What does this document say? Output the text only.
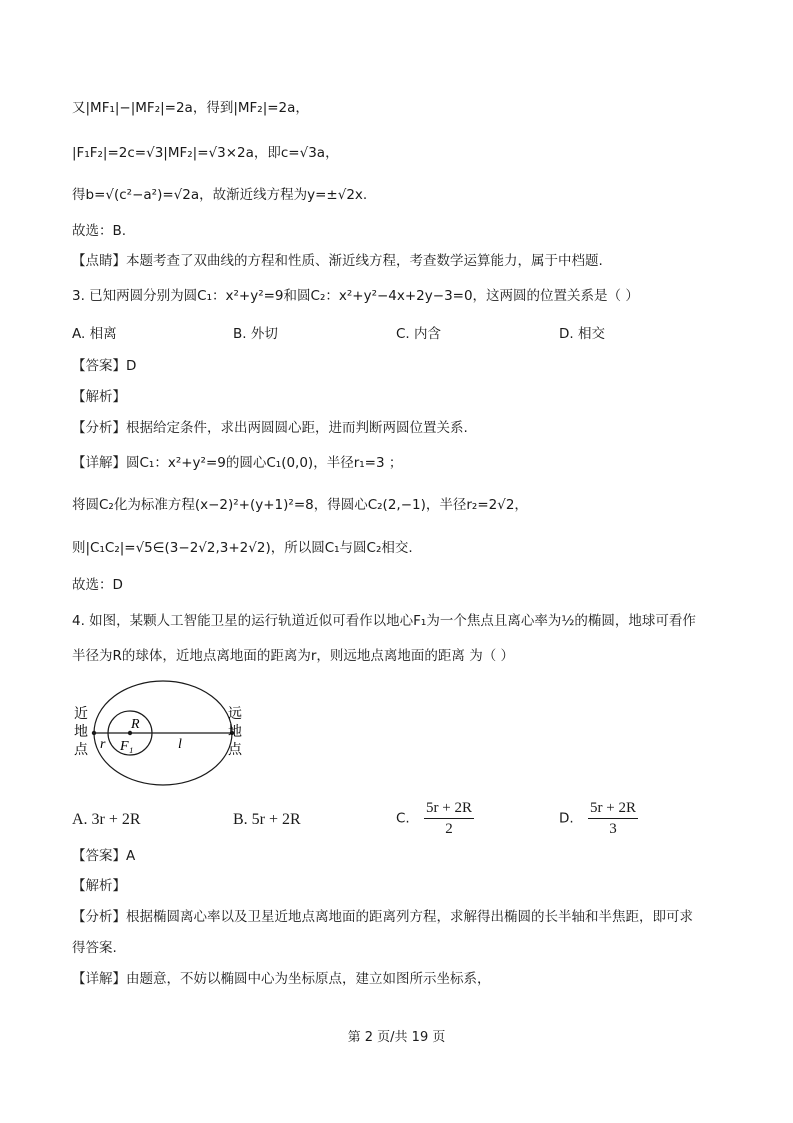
又|MF₁|−|MF₂|=2a，得到|MF₂|=2a，
|F₁F₂|=2c=√3|MF₂|=√3×2a，即c=√3a，
得b=√(c²−a²)=√2a，故渐近线方程为y=±√2x.
故选：B.
【点睛】本题考查了双曲线的方程和性质、渐近线方程，考查数学运算能力，属于中档题.
3. 已知两圆分别为圆C₁：x²+y²=9和圆C₂：x²+y²−4x+2y−3=0，这两圆的位置关系是（ ）
A. 相离	B. 外切	C. 内含	D. 相交
【答案】D
【解析】
【分析】根据给定条件，求出两圆圆心距，进而判断两圆位置关系.
【详解】圆C₁：x²+y²=9的圆心C₁(0,0)，半径r₁=3 ；
将圆C₂化为标准方程(x−2)²+(y+1)²=8，得圆心C₂(2,−1)，半径r₂=2√2，
则|C₁C₂|=√5∈(3−2√2,3+2√2)，所以圆C₁与圆C₂相交.
故选：D
4. 如图，某颗人工智能卫星的运行轨道近似可看作以地心F₁为一个焦点且离心率为½的椭圆，地球可看作
半径为R的球体，近地点离地面的距离为r，则远地点离地面的距离 为（ ）
近
地
点
远
地
点
R
F₁
r	l
A. 3r + 2R	B. 5r + 2R	C. $\frac{5r + 2R}{2}$	D. $\frac{5r + 2R}{3}$
【答案】A
【解析】
【分析】根据椭圆离心率以及卫星近地点离地面的距离列方程，求解得出椭圆的长半轴和半焦距，即可求
得答案.
【详解】由题意，不妨以椭圆中心为坐标原点，建立如图所示坐标系，
第 2 页/共 19 页
